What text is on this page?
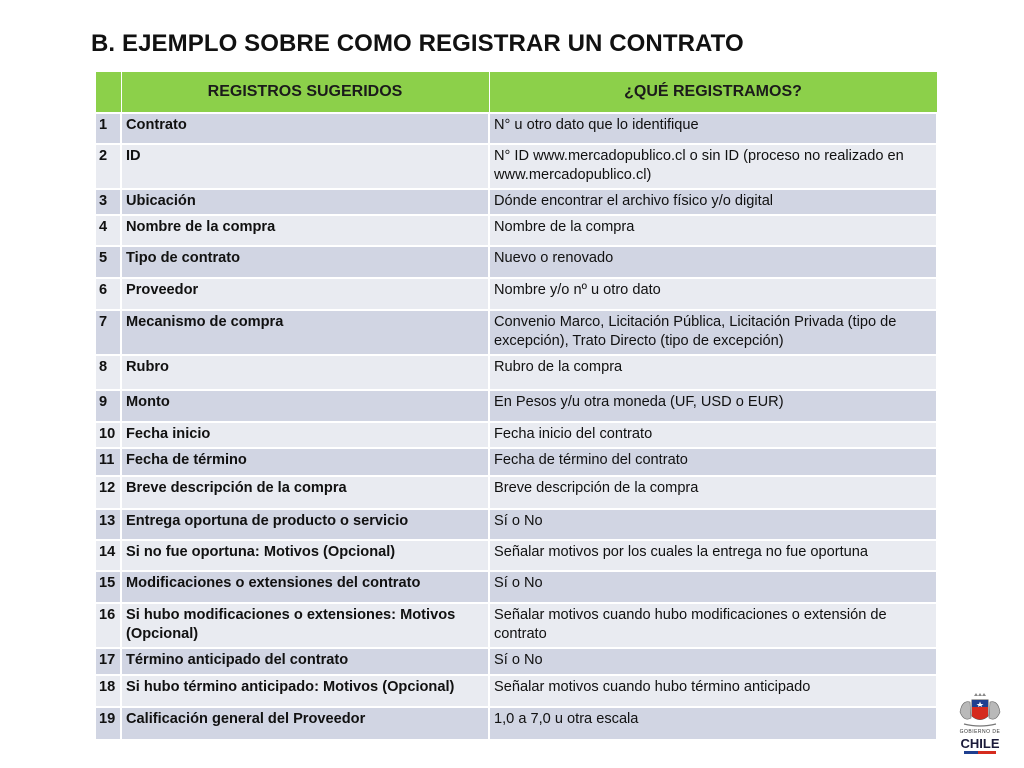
B. EJEMPLO SOBRE COMO REGISTRAR UN CONTRATO
	REGISTROS SUGERIDOS	¿QUÉ REGISTRAMOS?
1	Contrato	N° u otro dato que lo identifique
2	ID	N° ID www.mercadopublico.cl o sin ID (proceso no realizado en www.mercadopublico.cl)
3	Ubicación	Dónde encontrar el archivo físico y/o digital
4	Nombre de la compra	Nombre de la compra
5	Tipo de contrato	Nuevo o renovado
6	Proveedor	Nombre y/o nº u otro dato
7	Mecanismo de compra	Convenio Marco, Licitación Pública, Licitación Privada (tipo de excepción), Trato Directo (tipo de excepción)
8	Rubro	Rubro de la compra
9	Monto	En Pesos y/u otra moneda (UF, USD o EUR)
10	Fecha inicio	Fecha inicio del contrato
11	Fecha de término	Fecha de término del contrato
12	Breve descripción de la compra	Breve descripción de la compra
13	Entrega oportuna de producto o servicio	Sí o No
14	Si no fue oportuna: Motivos (Opcional)	Señalar motivos por los cuales la entrega no fue oportuna
15	Modificaciones o extensiones del contrato	Sí o No
16	Si hubo modificaciones o extensiones: Motivos (Opcional)	Señalar motivos cuando hubo modificaciones o extensión de contrato
17	Término anticipado del contrato	Sí o No
18	Si hubo término anticipado: Motivos (Opcional)	Señalar motivos cuando hubo término anticipado
19	Calificación general del Proveedor	1,0 a 7,0 u otra escala
GOBIERNO DE
CHILE
